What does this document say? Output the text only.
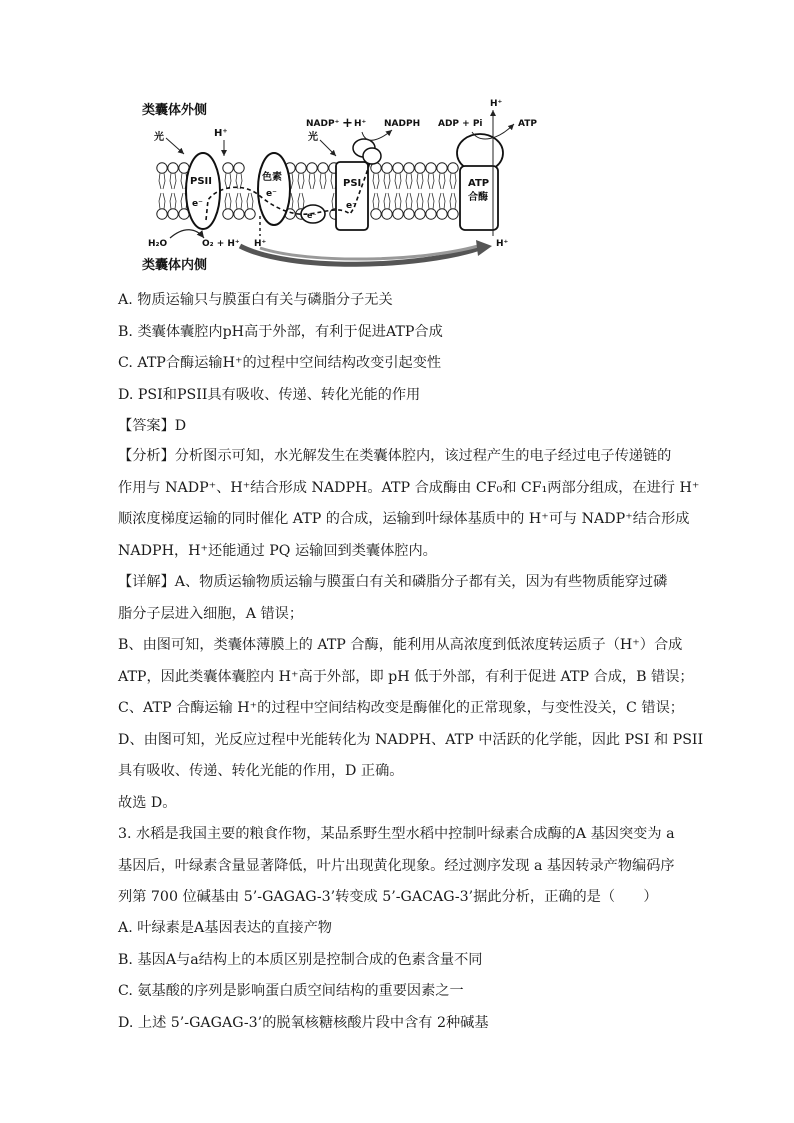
类囊体外侧
类囊体内侧
光	H⁺
PSII
e⁻
色素
e⁻
e⁻
PSI
e⁻
NADP⁺ + H⁺ NADPH
光
ATP
合酶
ADP + Pi	ATP
H⁺
H⁺
H₂O	O₂ + H⁺ H⁺
A. 物质运输只与膜蛋白有关与磷脂分子无关
B. 类囊体囊腔内pH高于外部，有利于促进ATP合成
C. ATP合酶运输H⁺的过程中空间结构改变引起变性
D. PSI和PSII具有吸收、传递、转化光能的作用
【答案】D
【分析】分析图示可知，水光解发生在类囊体腔内，该过程产生的电子经过电子传递链的
作用与 NADP⁺、H⁺结合形成 NADPH。ATP 合成酶由 CF₀和 CF₁两部分组成，在进行 H⁺
顺浓度梯度运输的同时催化 ATP 的合成，运输到叶绿体基质中的 H⁺可与 NADP⁺结合形成
NADPH，H⁺还能通过 PQ 运输回到类囊体腔内。
【详解】A、物质运输物质运输与膜蛋白有关和磷脂分子都有关，因为有些物质能穿过磷
脂分子层进入细胞，A 错误；
B、由图可知，类囊体薄膜上的 ATP 合酶，能利用从高浓度到低浓度转运质子（H⁺）合成
ATP，因此类囊体囊腔内 H⁺高于外部，即 pH 低于外部，有利于促进 ATP 合成，B 错误；
C、ATP 合酶运输 H⁺的过程中空间结构改变是酶催化的正常现象，与变性没关，C 错误；
D、由图可知，光反应过程中光能转化为 NADPH、ATP 中活跃的化学能，因此 PSI 和 PSII
具有吸收、传递、转化光能的作用，D 正确。
故选 D。
3. 水稻是我国主要的粮食作物，某品系野生型水稻中控制叶绿素合成酶的A 基因突变为 a
基因后，叶绿素含量显著降低，叶片出现黄化现象。经过测序发现 a 基因转录产物编码序
列第 700 位碱基由 5’-GAGAG-3’转变成 5’-GACAG-3’据此分析，正确的是（　　）
A. 叶绿素是A基因表达的直接产物
B. 基因A与a结构上的本质区别是控制合成的色素含量不同
C. 氨基酸的序列是影响蛋白质空间结构的重要因素之一
D. 上述 5’-GAGAG-3’的脱氧核糖核酸片段中含有 2种碱基
